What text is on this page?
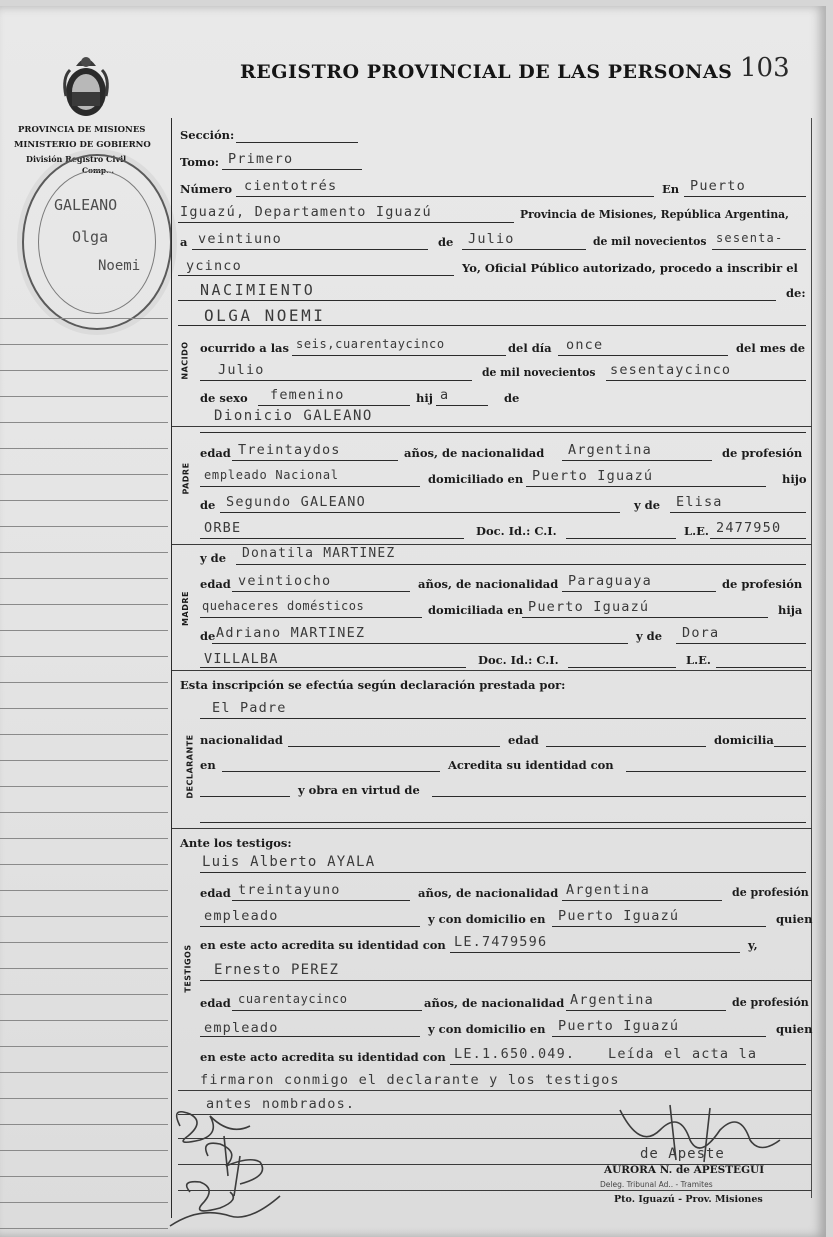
PROVINCIA DE MISIONES
MINISTERIO DE GOBIERNO
División Registro Civil
Comp...
GALEANO
Olga
Noemi
REGISTRO PROVINCIAL DE LAS PERSONAS 103
Sección:
Tomo: Primero
Número cientotrés	En Puerto
Iguazú, Departamento Iguazú	Provincia de Misiones, República Argentina,
a veintiuno	de Julio	de mil novecientos sesenta-
ycinco	Yo, Oficial Público autorizado, procedo a inscribir el
NACIMIENTO	de:
OLGA NOEMI
NACIDO ocurrido a las seis,cuarentaycinco	del día once	del mes de
Julio	de mil novecientos sesentaycinco
de sexo femenino	hij a	de
PADRE
Dionicio GALEANO
edad Treintaydos	años, de nacionalidad Argentina	de profesión
empleado Nacional	domiciliado en Puerto Iguazú	hijo
de Segundo GALEANO	y de Elisa
ORBE	Doc. Id.: C.I.	L.E. 2477950
MADRE
y de Donatila MARTINEZ
edad veintiocho	años, de nacionalidad Paraguaya	de profesión
quehaceres domésticos	domiciliada en Puerto Iguazú	hija
de Adriano MARTINEZ	y de Dora
VILLALBA	Doc. Id.: C.I.	L.E.
Esta inscripción se efectúa según declaración prestada por:
DECLARANTE
El Padre
nacionalidad	edad	domicilia
en	Acredita su identidad con
y obra en virtud de
Ante los testigos:
TESTIGOS
Luis Alberto AYALA
edad treintayuno	años, de nacionalidad Argentina	de profesión
empleado	y con domicilio en Puerto Iguazú	quien
en este acto acredita su identidad con LE.7479596	y,
Ernesto PEREZ
edad cuarentaycinco	años, de nacionalidad Argentina	de profesión
empleado	y con domicilio en Puerto Iguazú	quien
en este acto acredita su identidad con LE.1.650.049. Leída el acta la
firmaron conmigo el declarante y los testigos
antes nombrados.
de Apeste
AURORA N. de APESTEGUI
Deleg. Tribunal Ad.. - Tramites
Pto. Iguazú - Prov. Misiones
